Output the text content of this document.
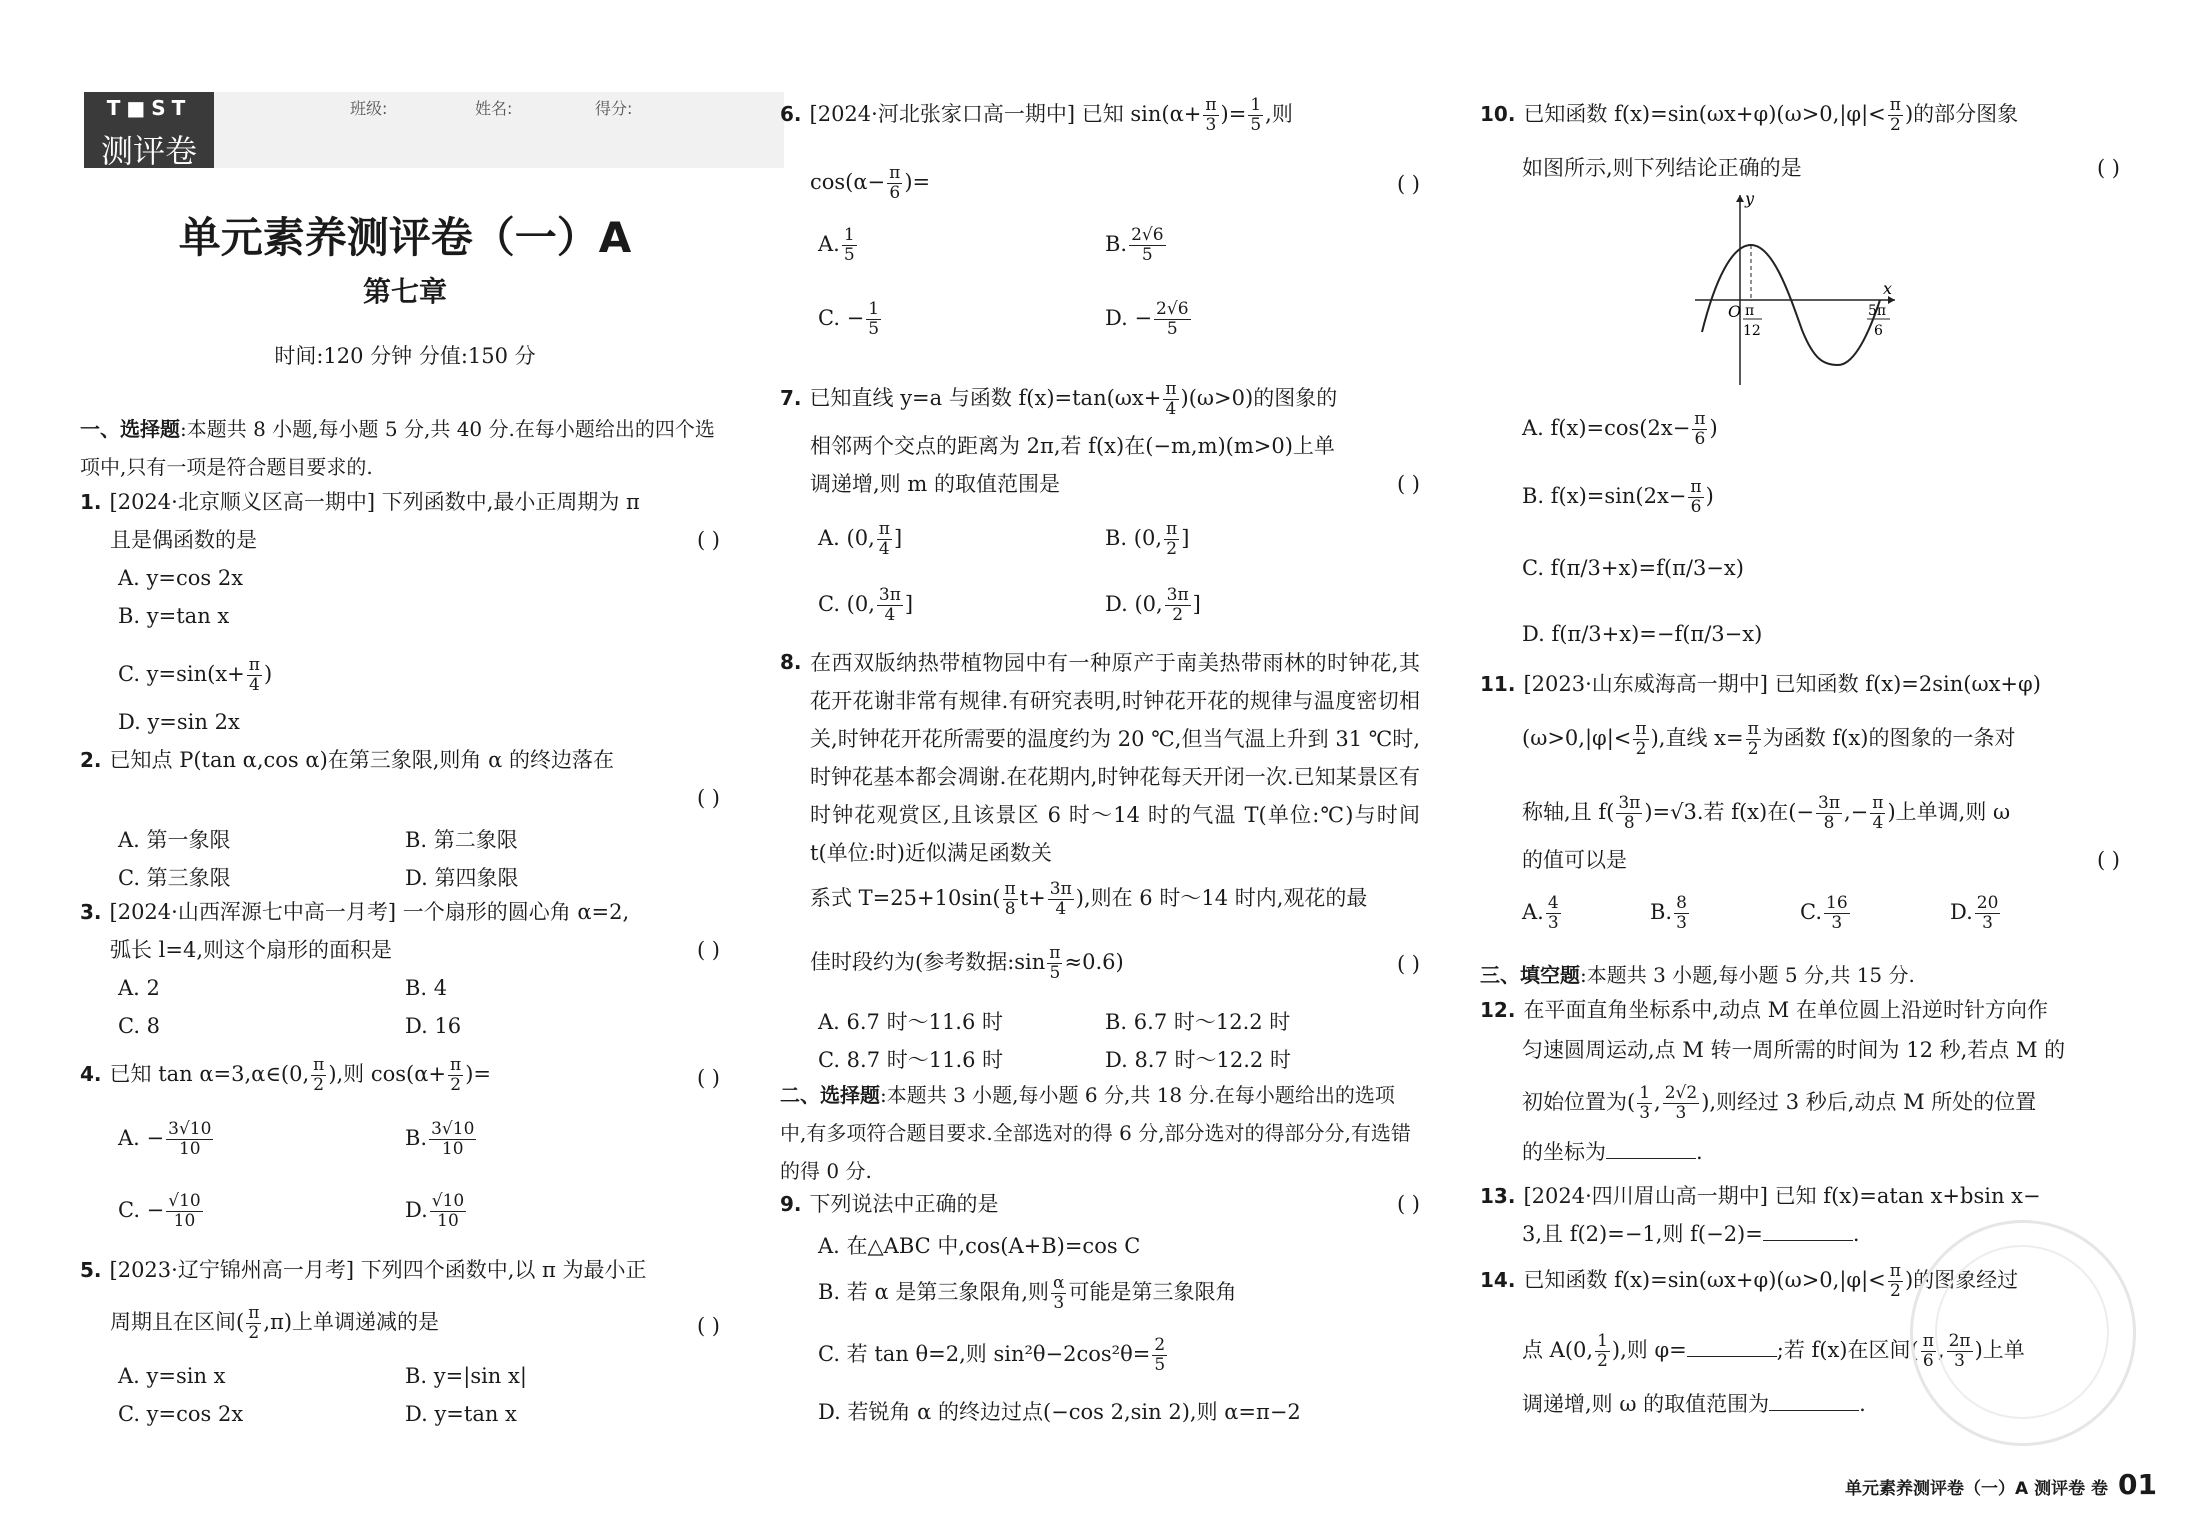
T■ST
测评卷
班级:	姓名:	得分:
单元素养测评卷（一）A
第七章
时间:120 分钟 分值:150 分
一、选择题:本题共 8 小题,每小题 5 分,共 40 分.在每小题给出的四个选项中,只有一项是符合题目要求的.
1. [2024·北京顺义区高一期中] 下列函数中,最小正周期为 π
且是偶函数的是	( )
A. y=cos 2x
B. y=tan x
C. $y=\sin(x+ \frac{\pi}{4}$ )
D. y=sin 2x
2. 已知点 P(tan α,cos α)在第三象限,则角 α 的终边落在
( )
A. 第一象限	B. 第二象限
C. 第三象限	D. 第四象限
3. [2024·山西浑源七中高一月考] 一个扇形的圆心角 α=2,
弧长 l=4,则这个扇形的面积是	( )
A. 2	B. 4
C. 8	D. 16
4. 已知 tan α=3,α∈(0, $\frac{\pi}{2}$ ),则 $\cos(\alpha+ \frac{\pi}{2}$ )=	( )
A. − $\frac{3√10}{10}$	B. $\frac{3√10}{10}$
C. − $\frac{√10}{10}$	D. $\frac{√10}{10}$
5. [2023·辽宁锦州高一月考] 下列四个函数中,以 π 为最小正
周期且在区间( $\frac{\pi}{2} ,\pi$)上单调递减的是	( )
A. y=sin x	B. y=|sin x|
C. y=cos 2x	D. y=tan x
6. [2024·河北张家口高一期中] 已知 $\sin(\alpha+ \frac{\pi}{3}$ )= $\frac{1}{5}$ ,则
$\cos(\alpha- \frac{\pi}{6}$ )=	( )
A. $\frac{1}{5}$	B. $\frac{2√6}{5}$
C. − $\frac{1}{5}$	D. − $\frac{2√6}{5}$
7. 已知直线 y=a 与函数 $f(x)=\tan(\omega x+ \frac{\pi}{4} )(\omega>0)$的图象的
相邻两个交点的距离为 2π,若 f(x)在(−m,m)(m>0)上单
调递增,则 m 的取值范围是	( )
A. (0, $\frac{\pi}{4}$ ]	B. (0, $\frac{\pi}{2}$ ]
C. (0, $\frac{3\pi}{4}$ ]	D. (0, $\frac{3\pi}{2}$ ]
8. 在西双版纳热带植物园中有一种原产于南美热带雨林的时钟花,其花开花谢非常有规律.有研究表明,时钟花开花的规律与温度密切相关,时钟花开花所需要的温度约为 20 ℃,但当气温上升到 31 ℃时,时钟花基本都会凋谢.在花期内,时钟花每天开闭一次.已知某景区有时钟花观赏区,且该景区 6 时～14 时的气温 T(单位:℃)与时间 t(单位:时)近似满足函数关
系式 $T=25+10\sin( \frac{\pi}{8} t+ \frac{3\pi}{4}$ ),则在 6 时～14 时内,观花的最
佳时段约为(参考数据:sin $\frac{\pi}{5} \approx 0.6$)	( )
A. 6.7 时～11.6 时	B. 6.7 时～12.2 时
C. 8.7 时～11.6 时	D. 8.7 时～12.2 时
二、选择题:本题共 3 小题,每小题 6 分,共 18 分.在每小题给出的选项中,有多项符合题目要求.全部选对的得 6 分,部分选对的得部分分,有选错的得 0 分.
9. 下列说法中正确的是	( )
A. 在△ABC 中,cos(A+B)=cos C
B. 若 α 是第三象限角,则 $\frac{\alpha}{3}$ 可能是第三象限角
C. 若 tan θ=2,则 $\sin^2\theta-2\cos^2\theta= \frac{2}{5}$
D. 若锐角 α 的终边过点(−cos 2,sin 2),则 α=π−2
10. 已知函数 $f(x)=\sin(\omega x+\varphi)(\omega>0,|\varphi|< \frac{\pi}{2}$ )的部分图象
如图所示,则下列结论正确的是	( )
y
x
O π
12
5π
6
A. $f(x)=\cos(2x- \frac{\pi}{6}$ )
B. $f(x)=\sin(2x- \frac{\pi}{6}$ )
C. f(π/3+x)=f(π/3−x)
D. f(π/3+x)=−f(π/3−x)
11. [2023·山东威海高一期中] 已知函数 f(x)=2sin(ωx+φ)
($\omega>0,|\varphi|< \frac{\pi}{2}$ ),直线 $x= \frac{\pi}{2}$ 为函数 f(x)的图象的一条对
称轴,且 $f( \frac{3\pi}{8} )=√3$.若 f(x)在(− $\frac{3\pi}{8}$ ,− $\frac{\pi}{4}$ )上单调,则 ω
的值可以是	( )
A. $\frac{4}{3}$	B. $\frac{8}{3}$	C. $\frac{16}{3}$	D. $\frac{20}{3}$
三、填空题:本题共 3 小题,每小题 5 分,共 15 分.
12. 在平面直角坐标系中,动点 M 在单位圆上沿逆时针方向作
匀速圆周运动,点 M 转一周所需的时间为 12 秒,若点 M 的
初始位置为( $\frac{1}{3}$ , $\frac{2√2}{3}$ ),则经过 3 秒后,动点 M 所处的位置
的坐标为	.
13. [2024·四川眉山高一期中] 已知 f(x)=atan x+bsin x−
3,且 f(2)=−1,则 f(−2)=	.
14. 已知函数 $f(x)=\sin(\omega x+\varphi)(\omega>0,|\varphi|< \frac{\pi}{2}$ )的图象经过
点 A(0, $\frac{1}{2}$ ),则 φ=	;若 f(x)在区间( $\frac{\pi}{6}$ , $\frac{2\pi}{3}$ )上单
调递增,则 ω 的取值范围为	.
单元素养测评卷（一）A 测评卷 卷 01
